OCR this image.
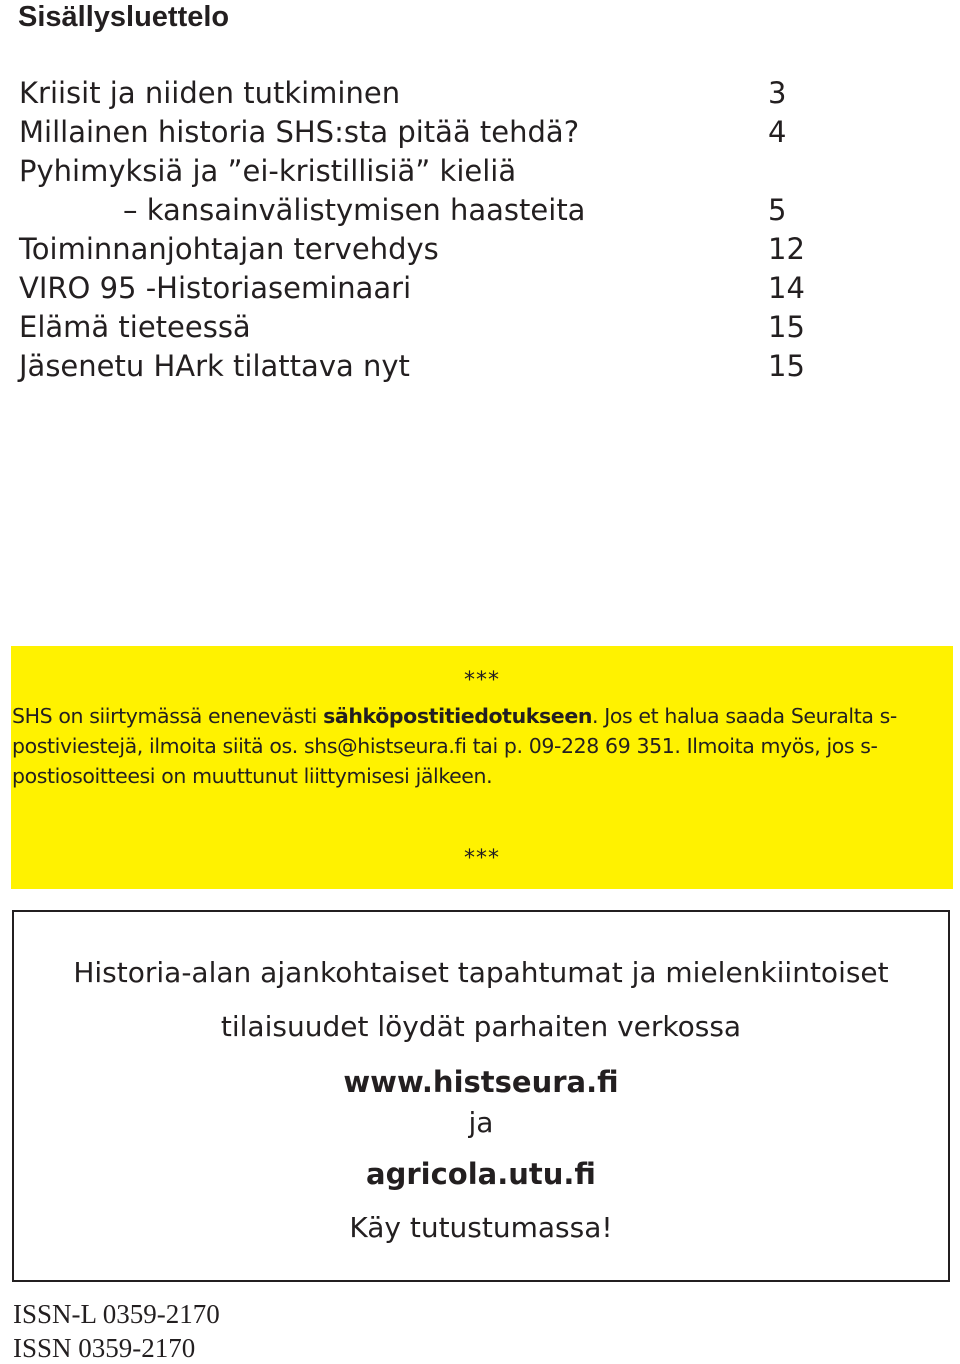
Sisällysluettelo
Kriisit ja niiden tutkiminen	3
Millainen historia SHS:sta pitää tehdä?	4
Pyhimyksiä ja ”ei-kristillisiä” kieliä
– kansainvälistymisen haasteita	5
Toiminnanjohtajan tervehdys	12
VIRO 95 -Historiaseminaari	14
Elämä tieteessä	15
Jäsenetu HArk tilattava nyt	15
***
SHS on siirtymässä enenevästi sähköpostitiedotukseen. Jos et halua saada Seuralta s-postiviestejä, ilmoita siitä os. shs@histseura.fi tai p. 09-228 69 351. Ilmoita myös, jos s-postiosoitteesi on muuttunut liittymisesi jälkeen.
***
Historia-alan ajankohtaiset tapahtumat ja mielenkiintoiset
tilaisuudet löydät parhaiten verkossa
www.histseura.fi
ja
agricola.utu.fi
Käy tutustumassa!
ISSN-L 0359-2170
ISSN 0359-2170
